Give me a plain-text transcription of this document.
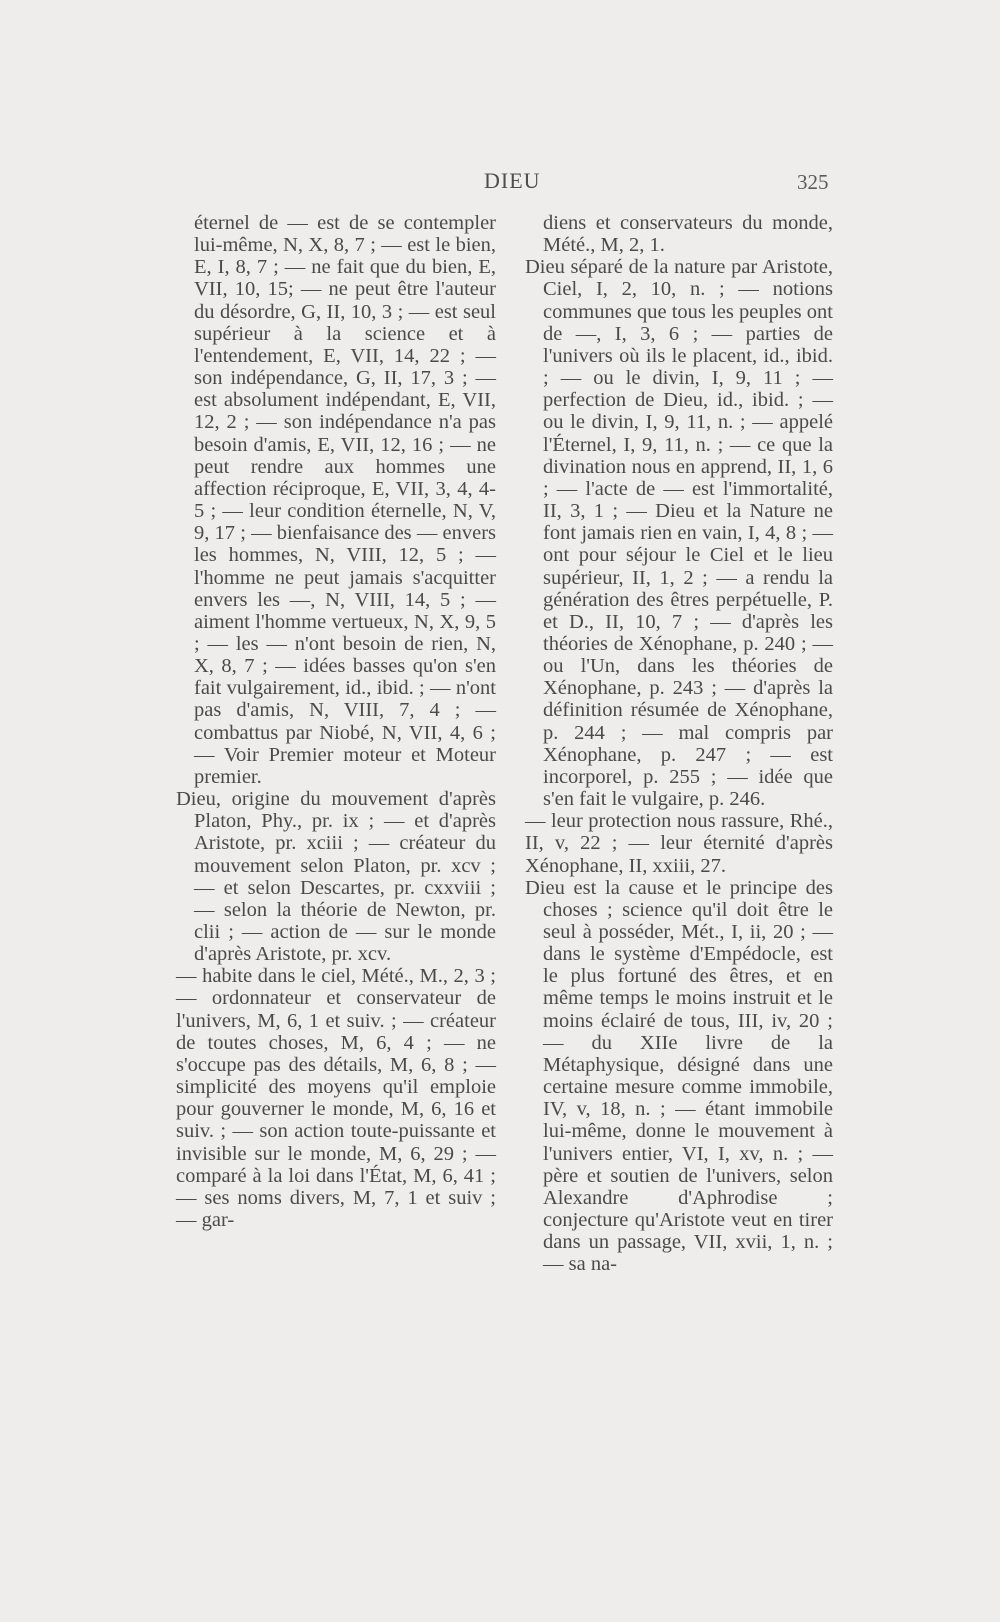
DIEU	325

éternel de — est de se contempler lui-même, N, X, 8, 7 ; — est le bien, E, I, 8, 7 ; — ne fait que du bien, E, VII, 10, 15; — ne peut être l'auteur du désordre, G, II, 10, 3 ; — est seul supérieur à la science et à l'entendement, E, VII, 14, 22 ; — son indépendance, G, II, 17, 3 ; — est absolument indépendant, E, VII, 12, 2 ; — son indépendance n'a pas besoin d'amis, E, VII, 12, 16 ; — ne peut rendre aux hommes une affection réciproque, E, VII, 3, 4, 4-5 ; — leur condition éternelle, N, V, 9, 17 ; — bienfaisance des — envers les hommes, N, VIII, 12, 5 ; — l'homme ne peut jamais s'acquitter envers les —, N, VIII, 14, 5 ; — aiment l'homme vertueux, N, X, 9, 5 ; — les — n'ont besoin de rien, N, X, 8, 7 ; — idées basses qu'on s'en fait vulgairement, id., ibid. ; — n'ont pas d'amis, N, VIII, 7, 4 ; — combattus par Niobé, N, VII, 4, 6 ; — Voir Premier moteur et Moteur premier.

Dieu, origine du mouvement d'après Platon, Phy., pr. ix ; — et d'après Aristote, pr. xciii ; — créateur du mouvement selon Platon, pr. xcv ; — et selon Descartes, pr. cxxviii ; — selon la théorie de Newton, pr. clii ; — action de — sur le monde d'après Aristote, pr. xcv.

— habite dans le ciel, Mété., M., 2, 3 ; — ordonnateur et conservateur de l'univers, M, 6, 1 et suiv. ; — créateur de toutes choses, M, 6, 4 ; — ne s'occupe pas des détails, M, 6, 8 ; — simplicité des moyens qu'il emploie pour gouverner le monde, M, 6, 16 et suiv. ; — son action toute-puissante et invisible sur le monde, M, 6, 29 ; — comparé à la loi dans l'État, M, 6, 41 ; — ses noms divers, M, 7, 1 et suiv ; — gar-

diens et conservateurs du monde, Mété., M, 2, 1.

Dieu séparé de la nature par Aristote, Ciel, I, 2, 10, n. ; — notions communes que tous les peuples ont de —, I, 3, 6 ; — parties de l'univers où ils le placent, id., ibid. ; — ou le divin, I, 9, 11 ; — perfection de Dieu, id., ibid. ; — ou le divin, I, 9, 11, n. ; — appelé l'Éternel, I, 9, 11, n. ; — ce que la divination nous en apprend, II, 1, 6 ; — l'acte de — est l'immortalité, II, 3, 1 ; — Dieu et la Nature ne font jamais rien en vain, I, 4, 8 ; — ont pour séjour le Ciel et le lieu supérieur, II, 1, 2 ; — a rendu la génération des êtres perpétuelle, P. et D., II, 10, 7 ; — d'après les théories de Xénophane, p. 240 ; — ou l'Un, dans les théories de Xénophane, p. 243 ; — d'après la définition résumée de Xénophane, p. 244 ; — mal compris par Xénophane, p. 247 ; — est incorporel, p. 255 ; — idée que s'en fait le vulgaire, p. 246.

— leur protection nous rassure, Rhé., II, v, 22 ; — leur éternité d'après Xénophane, II, xxiii, 27.

Dieu est la cause et le principe des choses ; science qu'il doit être le seul à posséder, Mét., I, ii, 20 ; — dans le système d'Empédocle, est le plus fortuné des êtres, et en même temps le moins instruit et le moins éclairé de tous, III, iv, 20 ; — du XIIe livre de la Métaphysique, désigné dans une certaine mesure comme immobile, IV, v, 18, n. ; — étant immobile lui-même, donne le mouvement à l'univers entier, VI, I, xv, n. ; — père et soutien de l'univers, selon Alexandre d'Aphrodise ; conjecture qu'Aristote veut en tirer dans un passage, VII, xvii, 1, n. ; — sa na-
